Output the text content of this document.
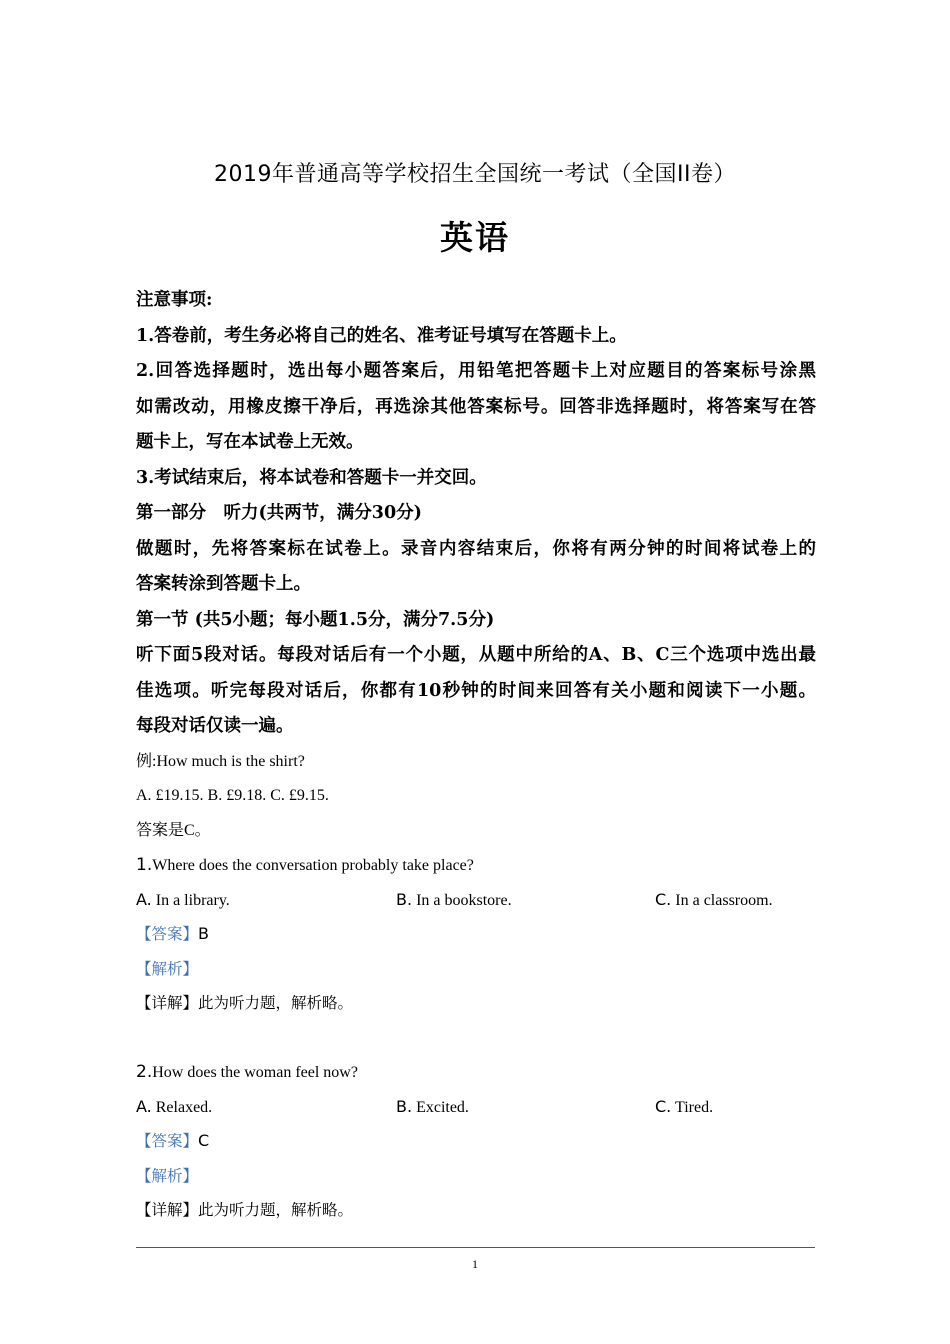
2019年普通高等学校招生全国统一考试（全国II卷）
英语
注意事项:
1.答卷前，考生务必将自己的姓名、准考证号填写在答题卡上。
2.回答选择题时，选出每小题答案后，用铅笔把答题卡上对应题目的答案标号涂黑
如需改动，用橡皮擦干净后，再选涂其他答案标号。回答非选择题时，将答案写在答
题卡上，写在本试卷上无效。
3.考试结束后，将本试卷和答题卡一并交回。
第一部分　听力(共两节，满分30分)
做题时，先将答案标在试卷上。录音内容结束后，你将有两分钟的时间将试卷上的
答案转涂到答题卡上。
第一节 (共5小题；每小题1.5分，满分7.5分)
听下面5段对话。每段对话后有一个小题，从题中所给的A、B、C三个选项中选出最
佳选项。听完每段对话后，你都有10秒钟的时间来回答有关小题和阅读下一小题。
每段对话仅读一遍。
例:How much is the shirt?
A. £19.15. B. £9.18. C. £9.15.
答案是C。
1.Where does the conversation probably take place?
A. In a library.	B. In a bookstore.	C. In a classroom.
【答案】B
【解析】
【详解】此为听力题，解析略。
2.How does the woman feel now?
A. Relaxed.	B. Excited.	C. Tired.
【答案】C
【解析】
【详解】此为听力题，解析略。
1
